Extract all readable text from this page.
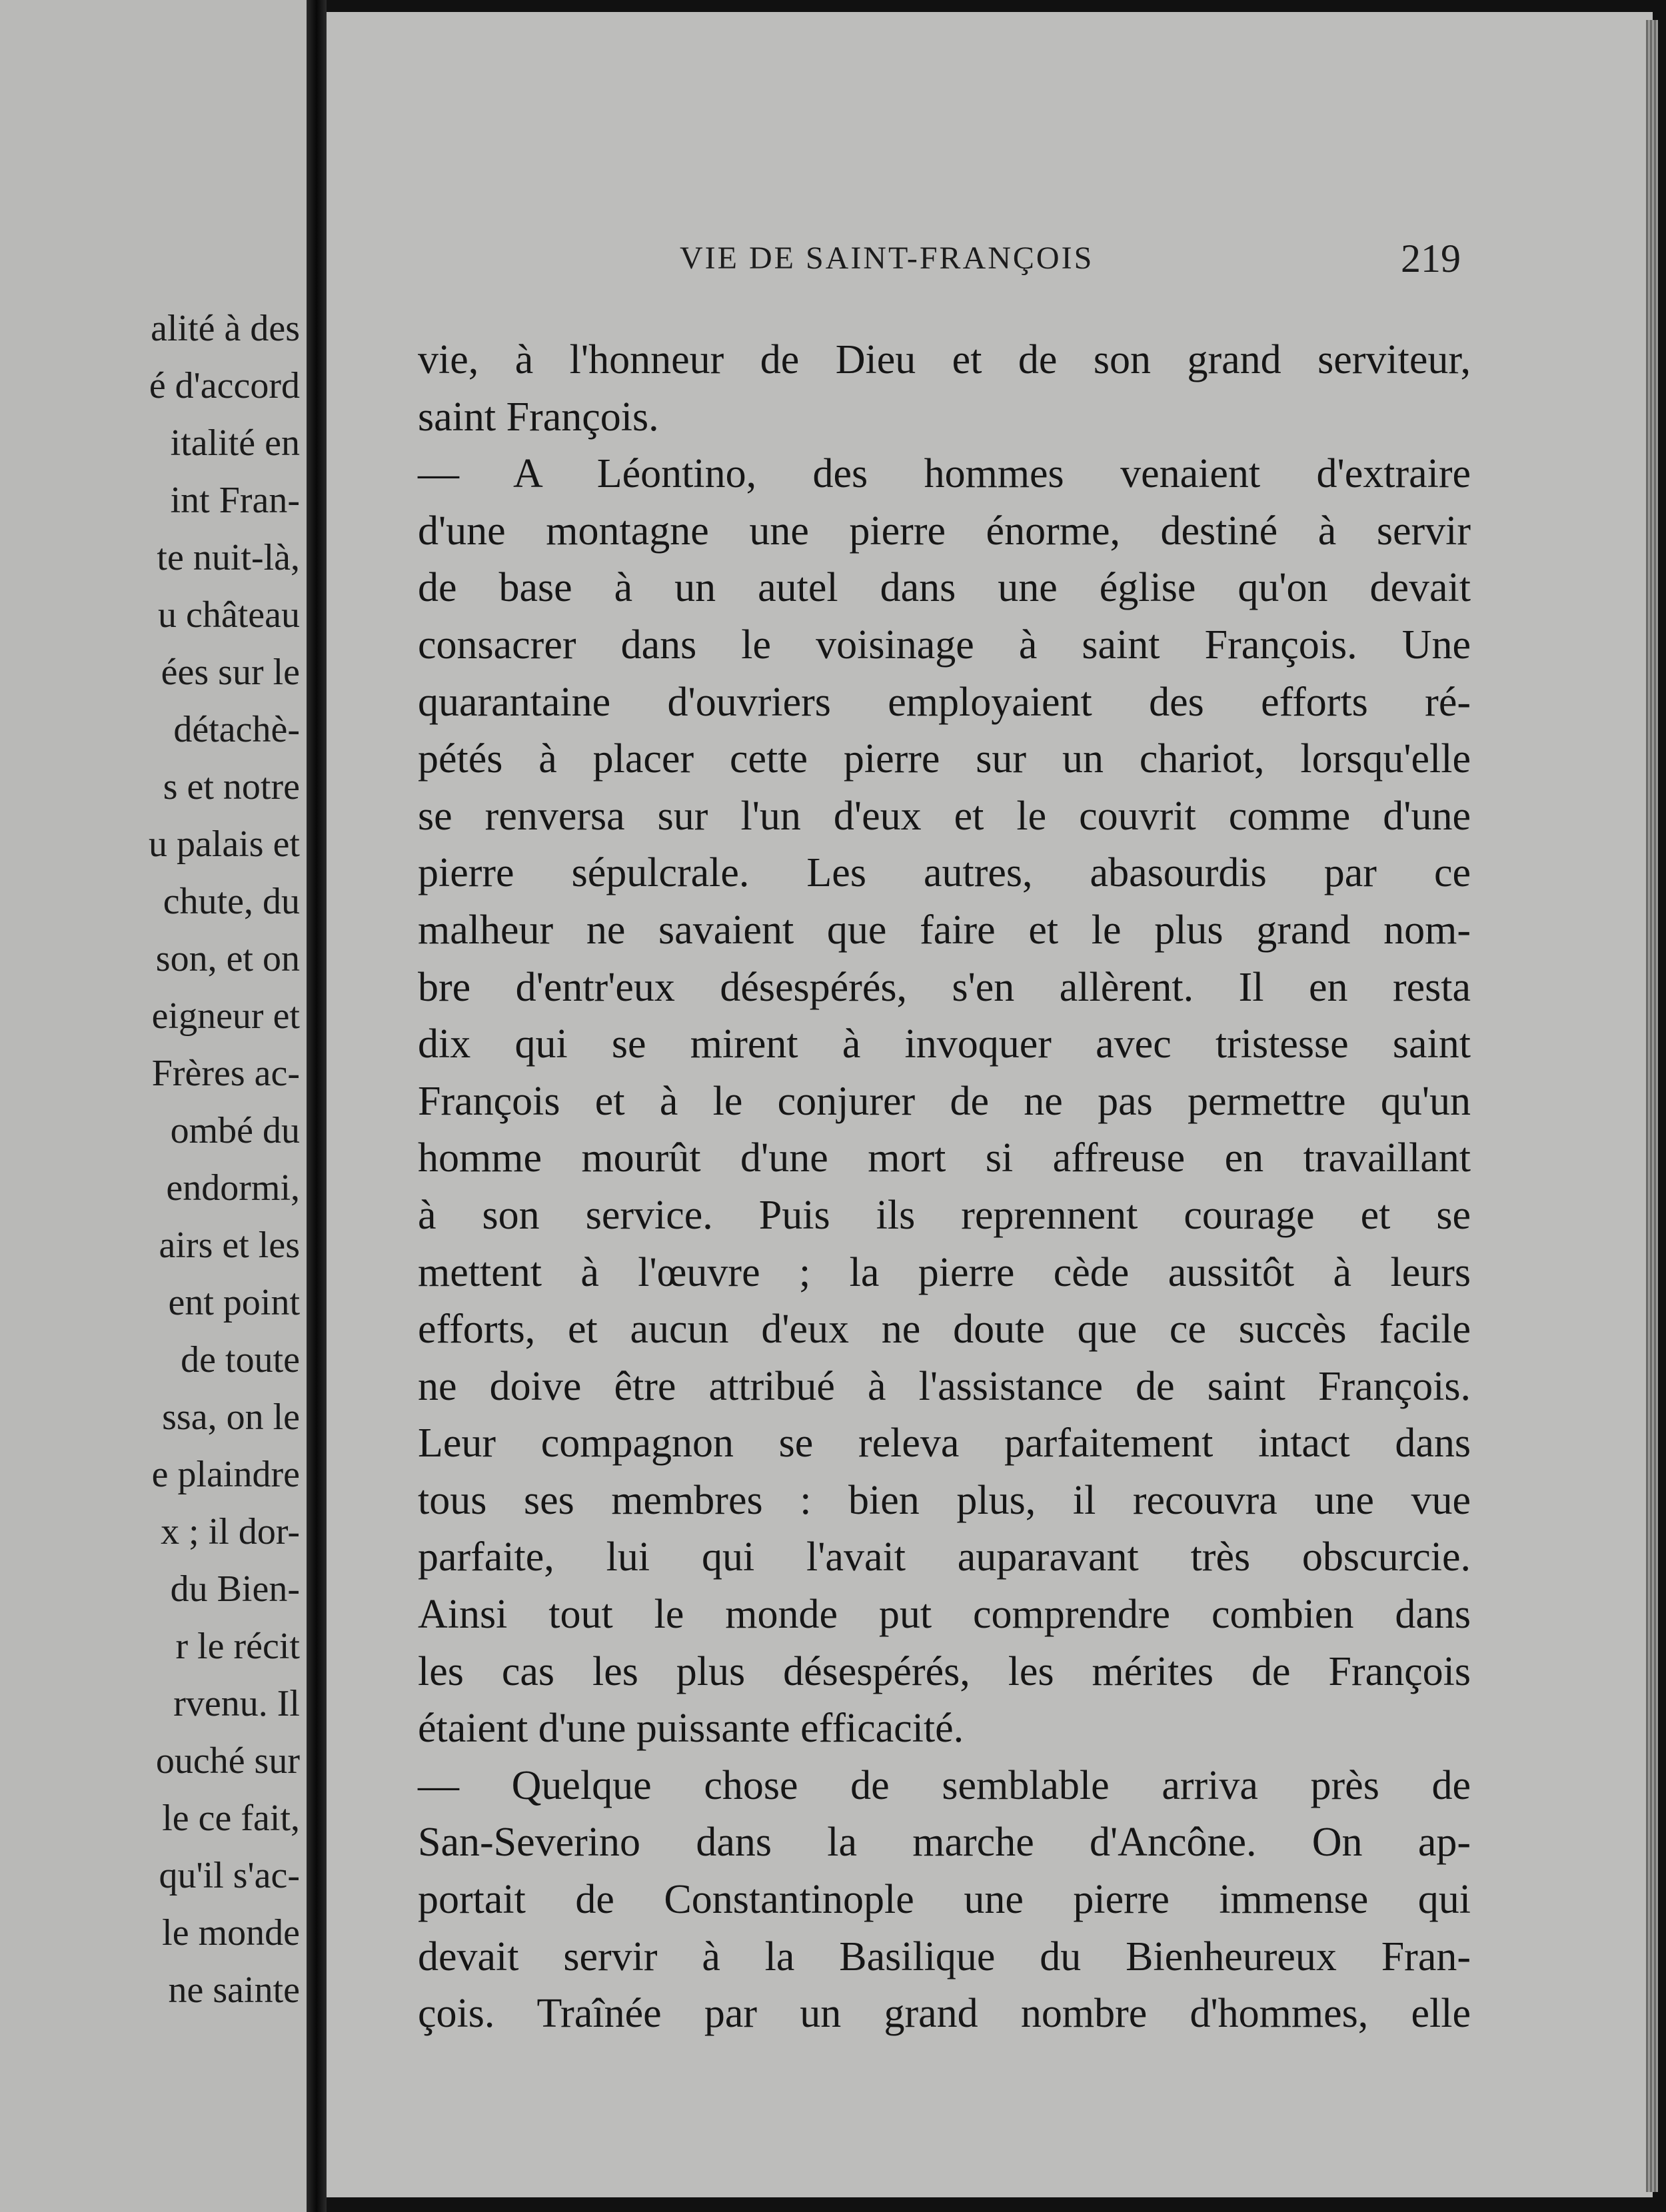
alité à des
é d'accord
italité en
int Fran-
te nuit-là,
u château
ées sur le
détachè-
s et notre
u palais et
chute, du
son, et on
eigneur et
Frères ac-
ombé du
endormi,
airs et les
ent point
de toute
ssa, on le
e plaindre
x ; il dor-
du Bien-
r le récit
rvenu. Il
ouché sur
le ce fait,
qu'il s'ac-
le monde
ne sainte
VIE DE SAINT-FRANÇOIS	219
vie, à l'honneur de Dieu et de son grand serviteur,
saint François.
— A Léontino, des hommes venaient d'extraire
d'une montagne une pierre énorme, destiné à servir
de base à un autel dans une église qu'on devait
consacrer dans le voisinage à saint François. Une
quarantaine d'ouvriers employaient des efforts ré-
pétés à placer cette pierre sur un chariot, lorsqu'elle
se renversa sur l'un d'eux et le couvrit comme d'une
pierre sépulcrale. Les autres, abasourdis par ce
malheur ne savaient que faire et le plus grand nom-
bre d'entr'eux désespérés, s'en allèrent. Il en resta
dix qui se mirent à invoquer avec tristesse saint
François et à le conjurer de ne pas permettre qu'un
homme mourût d'une mort si affreuse en travaillant
à son service. Puis ils reprennent courage et se
mettent à l'œuvre ; la pierre cède aussitôt à leurs
efforts, et aucun d'eux ne doute que ce succès facile
ne doive être attribué à l'assistance de saint François.
Leur compagnon se releva parfaitement intact dans
tous ses membres : bien plus, il recouvra une vue
parfaite, lui qui l'avait auparavant très obscurcie.
Ainsi tout le monde put comprendre combien dans
les cas les plus désespérés, les mérites de François
étaient d'une puissante efficacité.
— Quelque chose de semblable arriva près de
San-Severino dans la marche d'Ancône. On ap-
portait de Constantinople une pierre immense qui
devait servir à la Basilique du Bienheureux Fran-
çois. Traînée par un grand nombre d'hommes, elle
